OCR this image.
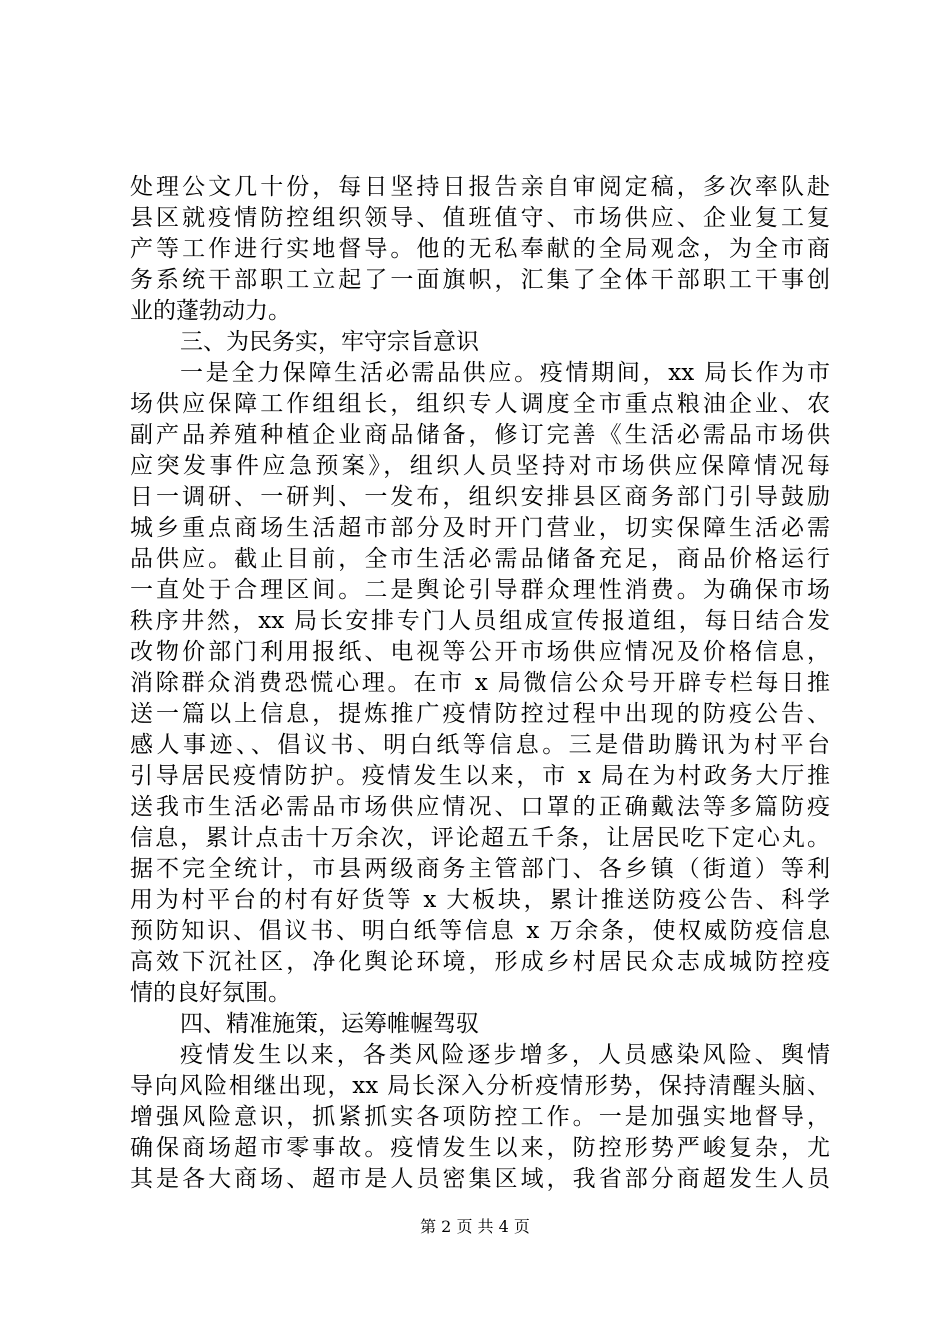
处理公文几十份，每日坚持日报告亲自审阅定稿，多次率队赴
县区就疫情防控组织领导、值班值守、市场供应、企业复工复
产等工作进行实地督导。他的无私奉献的全局观念，为全市商
务系统干部职工立起了一面旗帜，汇集了全体干部职工干事创
业的蓬勃动力。
三、为民务实，牢守宗旨意识
一是全力保障生活必需品供应。疫情期间，xx 局长作为市
场供应保障工作组组长，组织专人调度全市重点粮油企业、农
副产品养殖种植企业商品储备，修订完善《生活必需品市场供
应突发事件应急预案》，组织人员坚持对市场供应保障情况每
日一调研、一研判、一发布，组织安排县区商务部门引导鼓励
城乡重点商场生活超市部分及时开门营业，切实保障生活必需
品供应。截止目前，全市生活必需品储备充足，商品价格运行
一直处于合理区间。二是舆论引导群众理性消费。为确保市场
秩序井然，xx 局长安排专门人员组成宣传报道组，每日结合发
改物价部门利用报纸、电视等公开市场供应情况及价格信息，
消除群众消费恐慌心理。在市 x 局微信公众号开辟专栏每日推
送一篇以上信息，提炼推广疫情防控过程中出现的防疫公告、
感人事迹、、倡议书、明白纸等信息。三是借助腾讯为村平台
引导居民疫情防护。疫情发生以来，市 x 局在为村政务大厅推
送我市生活必需品市场供应情况、口罩的正确戴法等多篇防疫
信息，累计点击十万余次，评论超五千条，让居民吃下定心丸。
据不完全统计，市县两级商务主管部门、各乡镇（街道）等利
用为村平台的村有好货等 x 大板块，累计推送防疫公告、科学
预防知识、倡议书、明白纸等信息 x 万余条，使权威防疫信息
高效下沉社区，净化舆论环境，形成乡村居民众志成城防控疫
情的良好氛围。
四、精准施策，运筹帷幄驾驭
疫情发生以来，各类风险逐步增多，人员感染风险、舆情
导向风险相继出现，xx 局长深入分析疫情形势，保持清醒头脑、
增强风险意识，抓紧抓实各项防控工作。一是加强实地督导，
确保商场超市零事故。疫情发生以来，防控形势严峻复杂，尤
其是各大商场、超市是人员密集区域，我省部分商超发生人员
第 2 页 共 4 页
